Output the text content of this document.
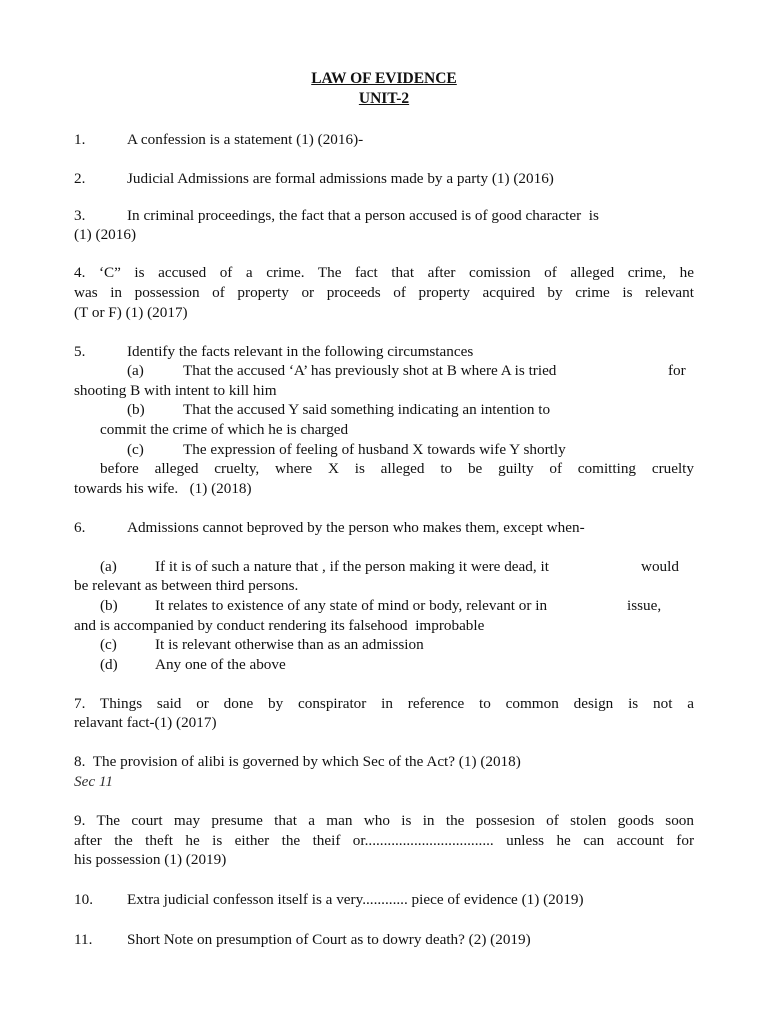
LAW OF EVIDENCE
UNIT-2
1.	A confession is a statement (1) (2016)-
2.	Judicial Admissions are formal admissions made by a party (1) (2016)
3.	In criminal proceedings, the fact that a person accused is of good character  is
(1) (2016)
4. ‘C” is accused of a crime. The fact that after comission of alleged crime, he
was in possession of property or proceeds of property acquired by crime is relevant
(T or F) (1) (2017)
5.	Identify the facts relevant in the following circumstances
(a)	That the accused ‘A’ has previously shot at B where A is tried	for
shooting B with intent to kill him
(b)	That the accused Y said something indicating an intention to
commit the crime of which he is charged
(c)	The expression of feeling of husband X towards wife Y shortly
before alleged cruelty, where X is alleged to be guilty of comitting cruelty
towards his wife.   (1) (2018)
6.	Admissions cannot beproved by the person who makes them, except when-
(a)	If it is of such a nature that , if the person making it were dead, it	would
be relevant as between third persons.
(b) It relates to existence of any state of mind or body, relevant or in	issue,
and is accompanied by conduct rendering its falsehood  improbable
(c)	It is relevant otherwise than as an admission
(d) Any one of the above
7. Things said or done by conspirator in reference to common design is not a
relavant fact-(1) (2017)
8.  The provision of alibi is governed by which Sec of the Act? (1) (2018)
Sec 11
9. The court may presume that a man who is in the possesion of stolen goods soon
after the theft he is either the theif or.................................. unless he can account for
his possession (1) (2019)
10. Extra judicial confesson itself is a very............ piece of evidence (1) (2019)
11. Short Note on presumption of Court as to dowry death? (2) (2019)
